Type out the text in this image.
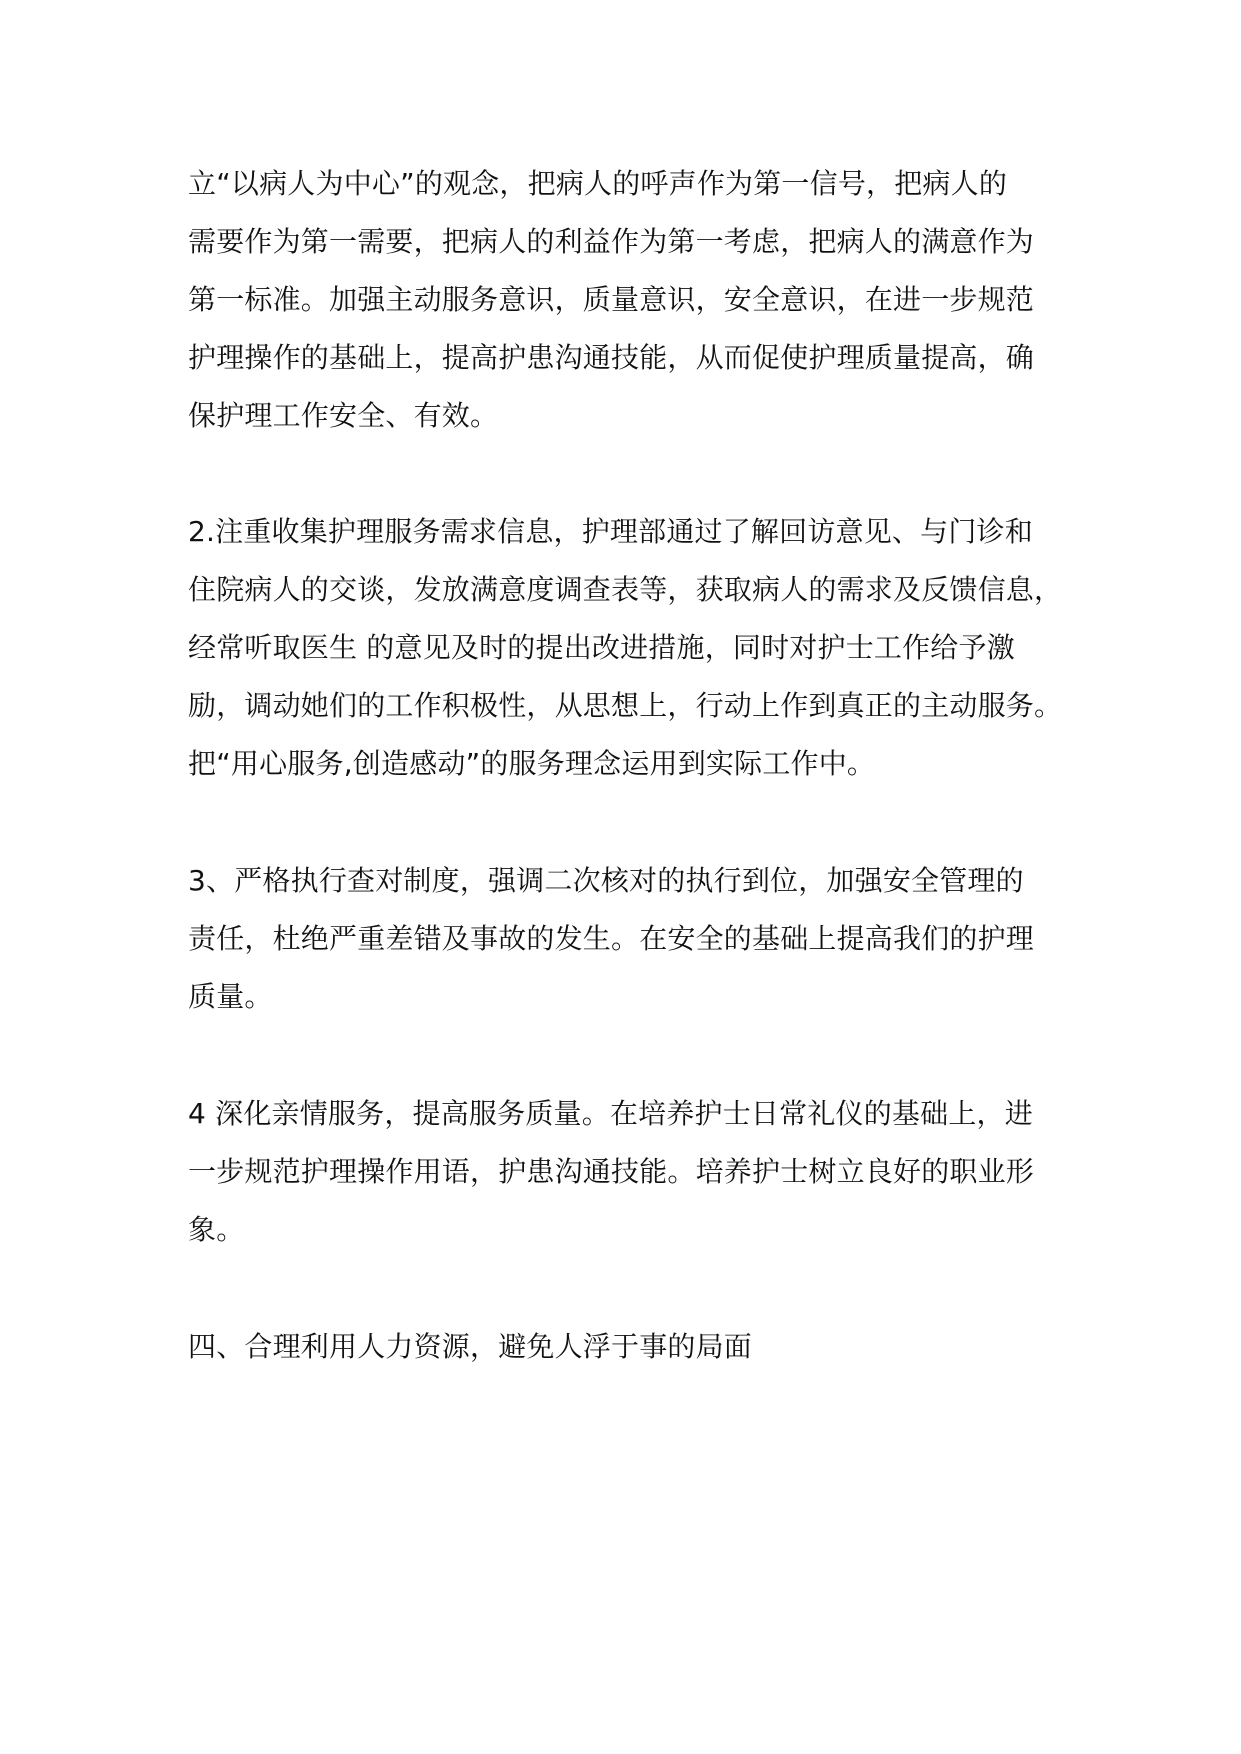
立“以病人为中心”的观念，把病人的呼声作为第一信号，把病人的

需要作为第一需要，把病人的利益作为第一考虑，把病人的满意作为

第一标准。加强主动服务意识，质量意识，安全意识，在进一步规范

护理操作的基础上，提高护患沟通技能，从而促使护理质量提高，确

保护理工作安全、有效。

2.注重收集护理服务需求信息，护理部通过了解回访意见、与门诊和

住院病人的交谈，发放满意度调查表等，获取病人的需求及反馈信息，

经常听取医生 的意见及时的提出改进措施，同时对护士工作给予激

励，调动她们的工作积极性，从思想上，行动上作到真正的主动服务。

把“用心服务,创造感动”的服务理念运用到实际工作中。

3、严格执行查对制度，强调二次核对的执行到位，加强安全管理的

责任，杜绝严重差错及事故的发生。在安全的基础上提高我们的护理

质量。

4 深化亲情服务，提高服务质量。在培养护士日常礼仪的基础上，进

一步规范护理操作用语，护患沟通技能。培养护士树立良好的职业形

象。

四、合理利用人力资源，避免人浮于事的局面
